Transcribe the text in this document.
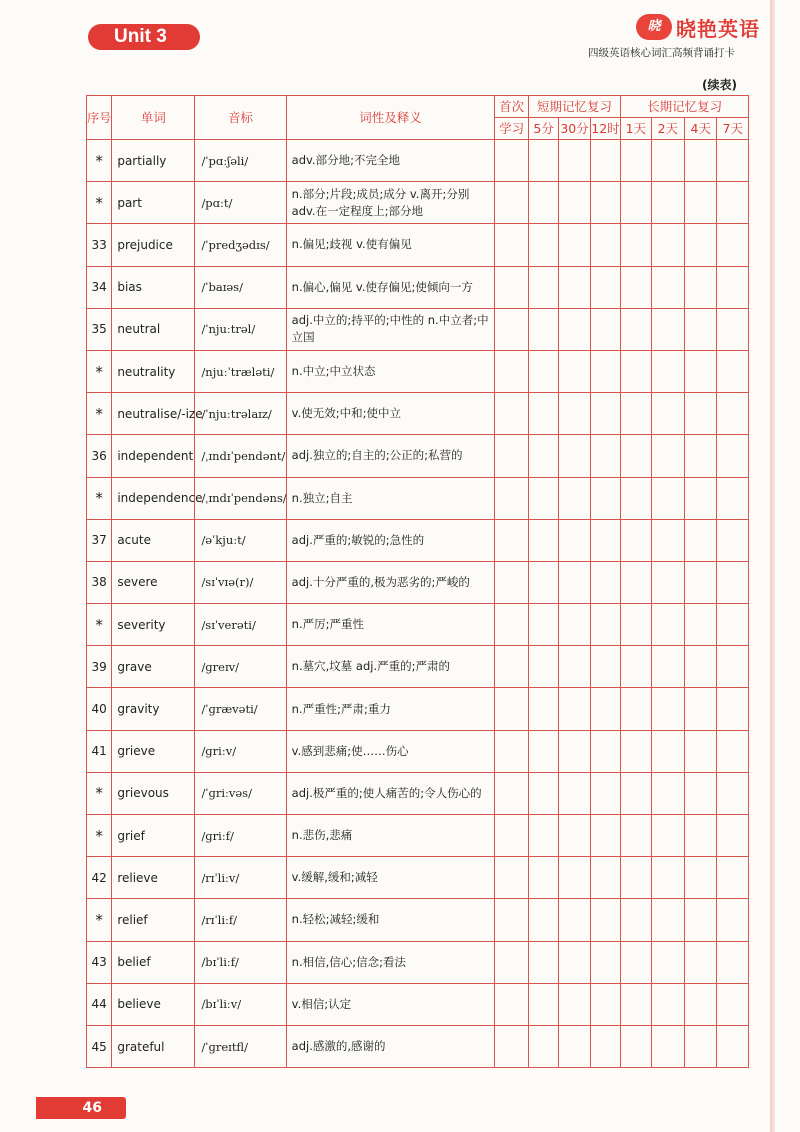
Unit 3	晓 晓艳英语
四级英语核心词汇高频背诵打卡
(续表)
序号	单词	音标	词性及释义	首次	短期记忆复习			长期记忆复习			
				学习	5分	30分	12时	1天	2天	4天	7天
*	partially	/ˈpɑːʃəli/	adv.部分地;不完全地								
*	part	/pɑːt/	n.部分;片段;成员;成分 v.离开;分别 adv.在一定程度上;部分地								
33	prejudice	/ˈpredʒədɪs/	n.偏见;歧视 v.使有偏见								
34	bias	/ˈbaɪəs/	n.偏心,偏见 v.使存偏见;使倾向一方								
35	neutral	/ˈnjuːtrəl/	adj.中立的;持平的;中性的 n.中立者;中立国								
*	neutrality	/njuːˈtræləti/	n.中立;中立状态								
*	neutralise/-ize	/ˈnjuːtrəlaɪz/	v.使无效;中和;使中立								
36	independent	/ˌɪndɪˈpendənt/	adj.独立的;自主的;公正的;私营的								
*	independence	/ˌɪndɪˈpendəns/	n.独立;自主								
37	acute	/əˈkjuːt/	adj.严重的;敏锐的;急性的								
38	severe	/sɪˈvɪə(r)/	adj.十分严重的,极为恶劣的;严峻的								
*	severity	/sɪˈverəti/	n.严厉;严重性								
39	grave	/ɡreɪv/	n.墓穴,坟墓 adj.严重的;严肃的								
40	gravity	/ˈɡrævəti/	n.严重性;严肃;重力								
41	grieve	/ɡriːv/	v.感到悲痛;使……伤心								
*	grievous	/ˈɡriːvəs/	adj.极严重的;使人痛苦的;令人伤心的								
*	grief	/ɡriːf/	n.悲伤,悲痛								
42	relieve	/rɪˈliːv/	v.缓解,缓和;减轻								
*	relief	/rɪˈliːf/	n.轻松;减轻;缓和								
43	belief	/bɪˈliːf/	n.相信,信心;信念;看法								
44	believe	/bɪˈliːv/	v.相信;认定								
45	grateful	/ˈɡreɪtfl/	adj.感激的,感谢的								
46
